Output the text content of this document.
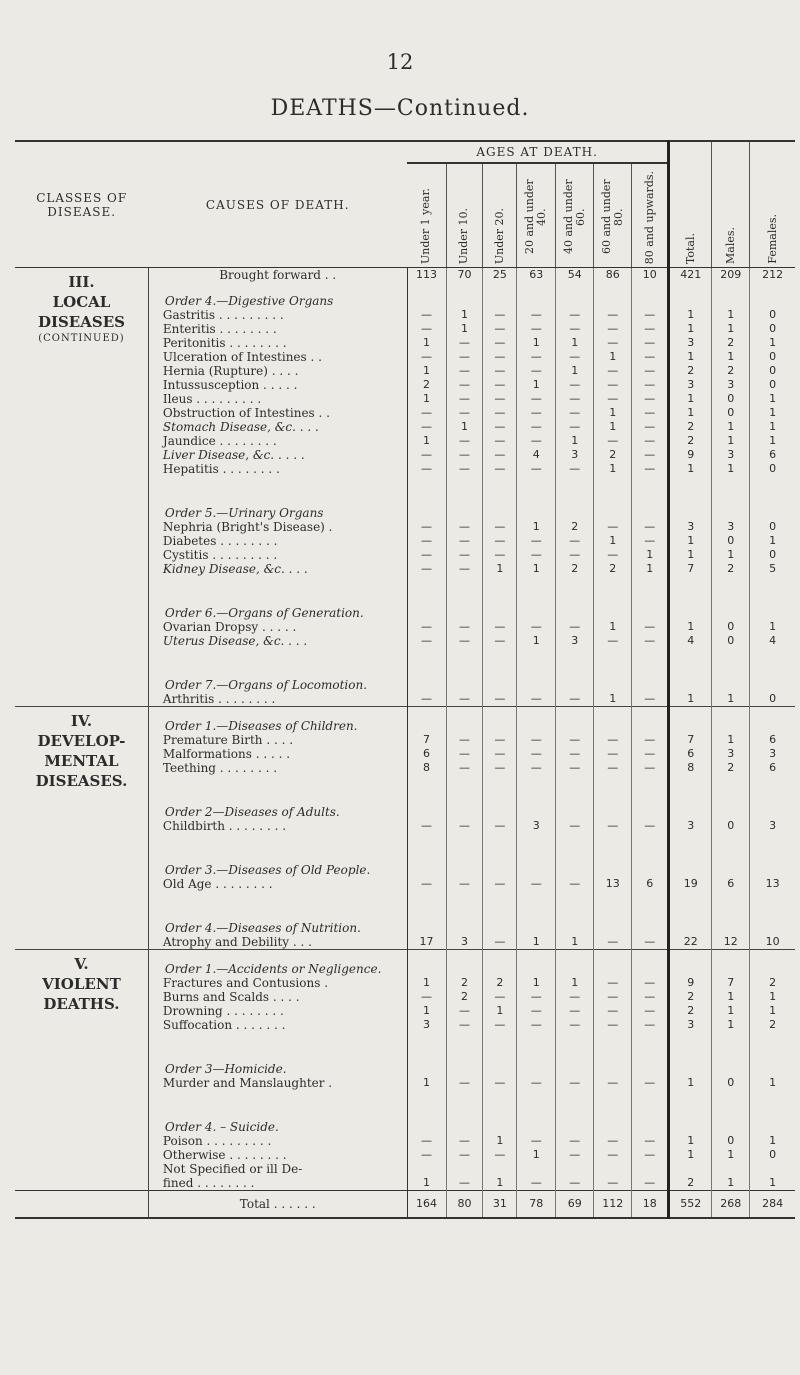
12
DEATHS—Continued.
CLASSES OF DISEASE.	CAUSES OF DEATH.	AGES AT DEATH.							Total.	Males.	Females.
		Under 1 year.	Under 10.	Under 20.	20 and under 40.	40 and under 60.	60 and under 80.	80 and upwards.			

III.
LOCAL DISEASES
(CONTINUED)	Brought forward . .	113	70	25	63	54	86	10	421	209	212
	Order 4.—Digestive Organs										
	Gastritis . . . . . . . . .	—	1	—	—	—	—	—	1	1	0
	Enteritis . . . . . . . .	—	1	—	—	—	—	—	1	1	0
	Peritonitis . . . . . . . .	1	—	—	1	1	—	—	3	2	1
	Ulceration of Intestines . .	—	—	—	—	—	1	—	1	1	0
	Hernia (Rupture) . . . .	1	—	—	—	1	—	—	2	2	0
	Intussusception . . . . .	2	—	—	1	—	—	—	3	3	0
	Ileus . . . . . . . . .	1	—	—	—	—	—	—	1	0	1
	Obstruction of Intestines . .	—	—	—	—	—	1	—	1	0	1
	Stomach Disease, &c. . . .	—	1	—	—	—	1	—	2	1	1
	Jaundice . . . . . . . .	1	—	—	—	1	—	—	2	1	1
	Liver Disease, &c. . . . .	—	—	—	4	3	2	—	9	3	6
	Hepatitis . . . . . . . .	—	—	—	—	—	1	—	1	1	0

	Order 5.—Urinary Organs										
	Nephria (Bright's Disease) .	—	—	—	1	2	—	—	3	3	0
	Diabetes . . . . . . . .	—	—	—	—	—	1	—	1	0	1
	Cystitis . . . . . . . . .	—	—	—	—	—	—	1	1	1	0
	Kidney Disease, &c. . . .	—	—	1	1	2	2	1	7	2	5

	Order 6.—Organs of Generation.										
	Ovarian Dropsy . . . . .	—	—	—	—	—	1	—	1	0	1
	Uterus Disease, &c. . . .	—	—	—	1	3	—	—	4	0	4

	Order 7.—Organs of Locomotion.										
	Arthritis . . . . . . . .	—	—	—	—	—	1	—	1	1	0

IV.
DEVELOP- MENTAL DISEASES.	Order 1.—Diseases of Children.										
	Premature Birth . . . .	7	—	—	—	—	—	—	7	1	6
	Malformations . . . . .	6	—	—	—	—	—	—	6	3	3
	Teething . . . . . . . .	8	—	—	—	—	—	—	8	2	6

	Order 2—Diseases of Adults.										
	Childbirth . . . . . . . .	—	—	—	3	—	—	—	3	0	3

	Order 3.—Diseases of Old People.										
	Old Age . . . . . . . .	—	—	—	—	—	13	6	19	6	13

	Order 4.—Diseases of Nutrition.										
	Atrophy and Debility . . .	17	3	—	1	1	—	—	22	12	10

V.
VIOLENT DEATHS.	Order 1.—Accidents or Negligence.										
	Fractures and Contusions .	1	2	2	1	1	—	—	9	7	2
	Burns and Scalds . . . .	—	2	—	—	—	—	—	2	1	1
	Drowning . . . . . . . .	1	—	1	—	—	—	—	2	1	1
	Suffocation . . . . . . .	3	—	—	—	—	—	—	3	1	2

	Order 3—Homicide.										
	Murder and Manslaughter .	1	—	—	—	—	—	—	1	0	1

	Order 4. – Suicide.										
	Poison . . . . . . . . .	—	—	1	—	—	—	—	1	0	1
	Otherwise . . . . . . . .	—	—	—	1	—	—	—	1	1	0
	Not Specified or ill De-										
	fined . . . . . . . .	1	—	1	—	—	—	—	2	1	1
	Total . . . . . .	164	80	31	78	69	112	18	552	268	284
